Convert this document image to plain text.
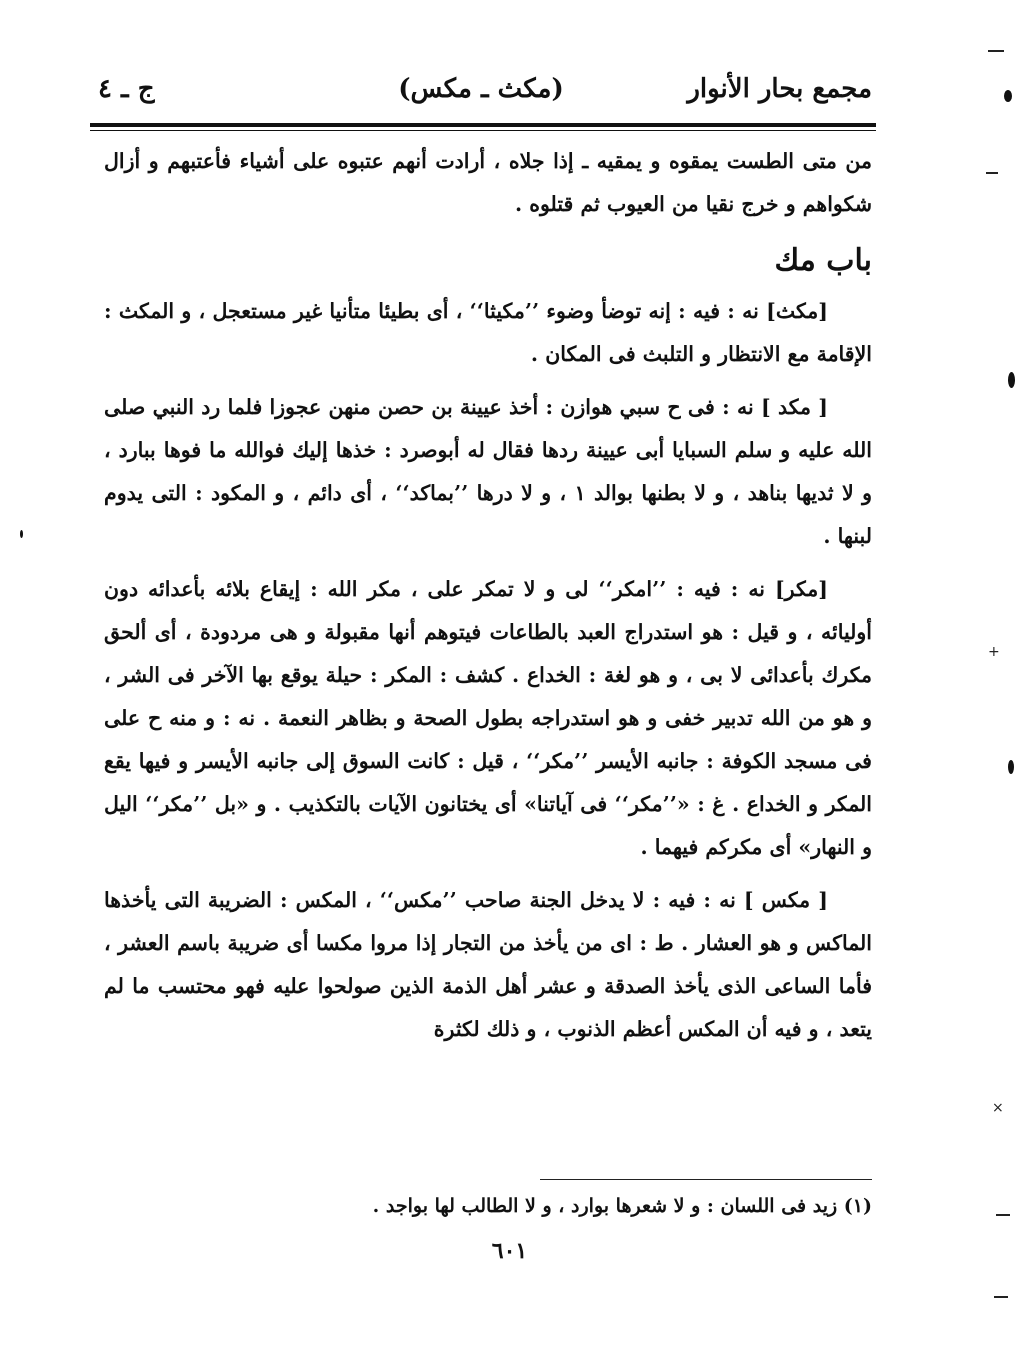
مجمع بحار الأنوار
(مكث ـ مكس)
ج ـ ٤

من متى الطست يمقوه و يمقيه ـ إذا جلاه ، أرادت أنهم عتبوه على أشياء فأعتبهم و أزال شكواهم و خرج نقيا من العيوب ثم قتلوه .

باب مك

[مكث] نه : فيه : إنه توضأ وضوء ’’مكيثا‘‘ ، أى بطيئا متأنيا غير مستعجل ، و المكث : الإقامة مع الانتظار و التلبث فى المكان .

[ مكد ] نه : فى ح سبي هوازن : أخذ عيينة بن حصن منهن عجوزا فلما رد النبي صلى الله عليه و سلم السبايا أبى عيينة ردها فقال له أبوصرد : خذها إليك فوالله ما فوها ببارد ، و لا ثديها بناهد ، و لا بطنها بوالد ١ ، و لا درها ’’بماكد‘‘ ، أى دائم ، و المكود : التى يدوم لبنها .

[مكر] نه : فيه : ’’امكر‘‘ لى و لا تمكر على ، مكر الله : إيقاع بلائه بأعدائه دون أوليائه ، و قيل : هو استدراج العبد بالطاعات فيتوهم أنها مقبولة و هى مردودة ، أى ألحق مكرك بأعدائى لا بى ، و هو لغة : الخداع . كشف : المكر : حيلة يوقع بها الآخر فى الشر ، و هو من الله تدبير خفى و هو استدراجه بطول الصحة و بظاهر النعمة . نه : و منه ح على فى مسجد الكوفة : جانبه الأيسر ’’مكر‘‘ ، قيل : كانت السوق إلى جانبه الأيسر و فيها يقع المكر و الخداع . غ : «’’مكر‘‘ فى آياتنا» أى يختانون الآيات بالتكذيب . و «بل ’’مكر‘‘ اليل و النهار» أى مكركم فيهما .

[ مكس ] نه : فيه : لا يدخل الجنة صاحب ’’مكس‘‘ ، المكس : الضريبة التى يأخذها الماكس و هو العشار . ط : اى من يأخذ من التجار إذا مروا مكسا أى ضريبة باسم العشر ، فأما الساعى الذى يأخذ الصدقة و عشر أهل الذمة الذين صولحوا عليه فهو محتسب ما لم يتعد ، و فيه أن المكس أعظم الذنوب ، و ذلك لكثرة

(١) زيد فى اللسان : و لا شعرها بوارد ، و لا الطالب لها بواجد .
٦٠١
+
×
